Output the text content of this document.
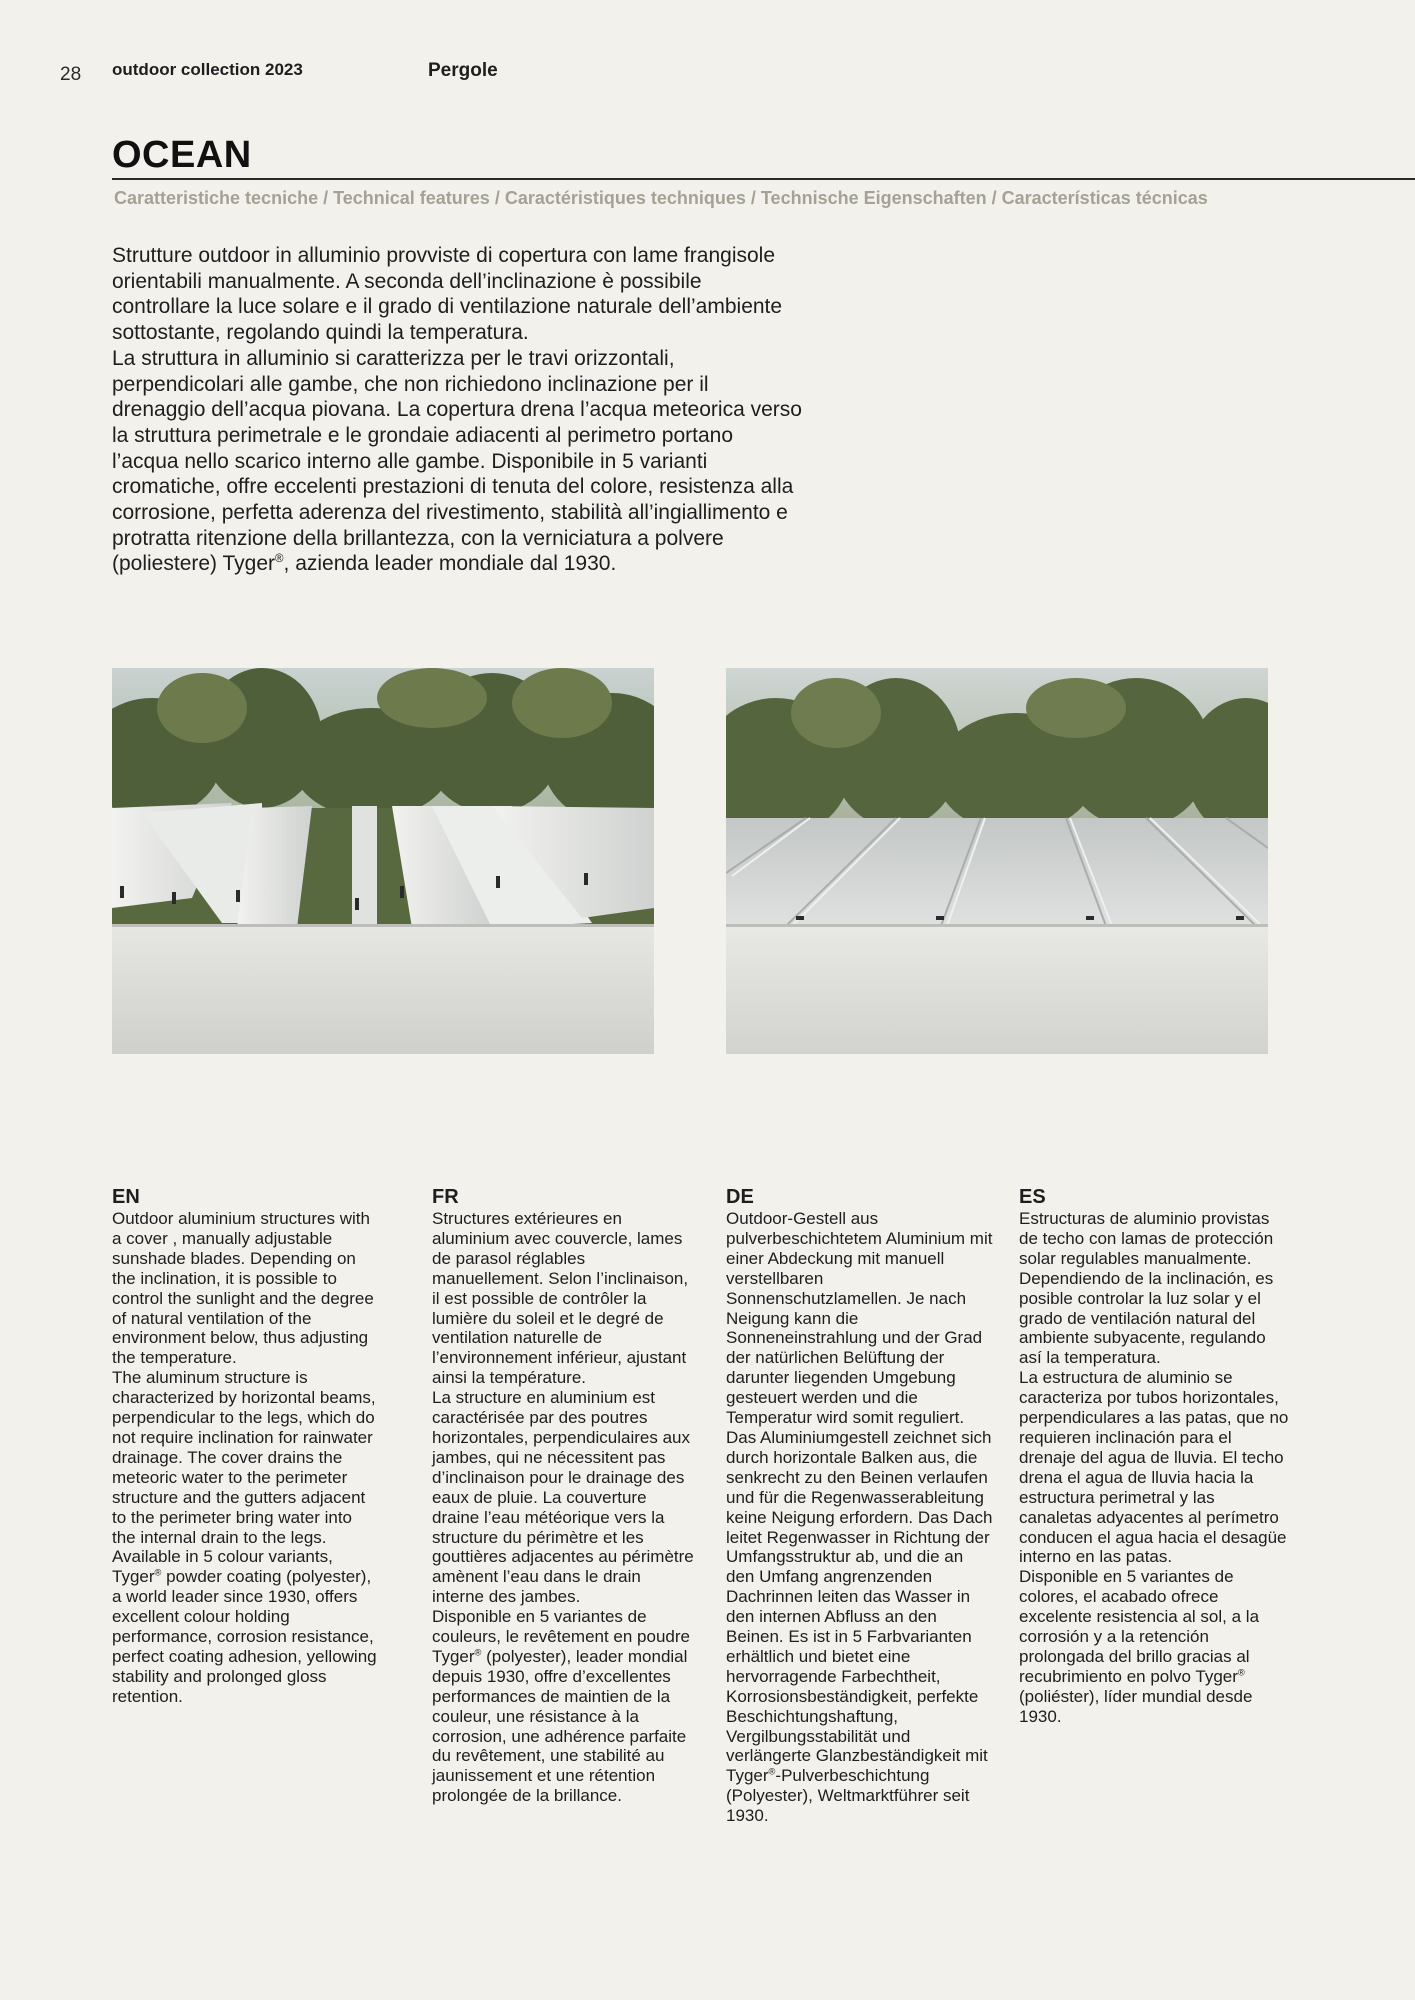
28 outdoor collection 2023	Pergole
OCEAN
Caratteristiche tecniche / Technical features / Caractéristiques techniques / Technische Eigenschaften / Características técnicas

Strutture outdoor in alluminio provviste di copertura con lame frangisole orientabili manualmente. A seconda dell’inclinazione è possibile controllare la luce solare e il grado di ventilazione naturale dell’ambiente sottostante, regolando quindi la temperatura.

La struttura in alluminio si caratterizza per le travi orizzontali, perpendicolari alle gambe, che non richiedono inclinazione per il drenaggio dell’acqua piovana. La copertura drena l’acqua meteorica verso la struttura perimetrale e le grondaie adiacenti al perimetro portano l’acqua nello scarico interno alle gambe. Disponibile in 5 varianti cromatiche, offre eccelenti prestazioni di tenuta del colore, resistenza alla corrosione, perfetta aderenza del rivestimento, stabilità all’ingiallimento e protratta ritenzione della brillantezza, con la verniciatura a polvere (poliestere) Tyger®, azienda leader mondiale dal 1930.

EN

Outdoor aluminium structures with a cover , manually adjustable sunshade blades. Depending on the inclination, it is possible to control the sunlight and the degree of natural ventilation of the environment below, thus adjusting the temperature.

The aluminum structure is characterized by horizontal beams, perpendicular to the legs, which do not require inclination for rainwater drainage. The cover drains the meteoric water to the perimeter structure and the gutters adjacent to the perimeter bring water into the internal drain to the legs. Available in 5 colour variants, Tyger® powder coating (polyester), a world leader since 1930, offers excellent colour holding performance, corrosion resistance, perfect coating adhesion, yellowing stability and prolonged gloss retention.

FR

Structures extérieures en aluminium avec couvercle, lames de parasol réglables manuellement. Selon l’inclinaison, il est possible de contrôler la lumière du soleil et le degré de ventilation naturelle de l’environnement inférieur, ajustant ainsi la température.

La structure en aluminium est caractérisée par des poutres horizontales, perpendiculaires aux jambes, qui ne nécessitent pas d’inclinaison pour le drainage des eaux de pluie. La couverture draine l’eau météorique vers la structure du périmètre et les gouttières adjacentes au périmètre amènent l’eau dans le drain interne des jambes.

Disponible en 5 variantes de couleurs, le revêtement en poudre Tyger® (polyester), leader mondial depuis 1930, offre d’excellentes performances de maintien de la couleur, une résistance à la corrosion, une adhérence parfaite du revêtement, une stabilité au jaunissement et une rétention prolongée de la brillance.

DE

Outdoor-Gestell aus pulverbeschichtetem Aluminium mit einer Abdeckung mit manuell verstellbaren Sonnenschutzlamellen. Je nach Neigung kann die Sonneneinstrahlung und der Grad der natürlichen Belüftung der darunter liegenden Umgebung gesteuert werden und die Temperatur wird somit reguliert. Das Aluminiumgestell zeichnet sich durch horizontale Balken aus, die senkrecht zu den Beinen verlaufen und für die Regenwasserableitung keine Neigung erfordern. Das Dach leitet Regenwasser in Richtung der Umfangsstruktur ab, und die an den Umfang angrenzenden Dachrinnen leiten das Wasser in den internen Abfluss an den Beinen. Es ist in 5 Farbvarianten erhältlich und bietet eine hervorragende Farbechtheit, Korrosionsbeständigkeit, perfekte Beschichtungshaftung, Vergilbungsstabilität und verlängerte Glanzbeständigkeit mit Tyger®-Pulverbeschichtung (Polyester), Weltmarktführer seit 1930.

ES

Estructuras de aluminio provistas de techo con lamas de protección solar regulables manualmente. Dependiendo de la inclinación, es posible controlar la luz solar y el grado de ventilación natural del ambiente subyacente, regulando así la temperatura.

La estructura de aluminio se caracteriza por tubos horizontales, perpendiculares a las patas, que no requieren inclinación para el drenaje del agua de lluvia. El techo drena el agua de lluvia hacia la estructura perimetral y las canaletas adyacentes al perímetro conducen el agua hacia el desagüe interno en las patas.

Disponible en 5 variantes de colores, el acabado ofrece excelente resistencia al sol, a la corrosión y a la retención prolongada del brillo gracias al recubrimiento en polvo Tyger® (poliéster), líder mundial desde 1930.
